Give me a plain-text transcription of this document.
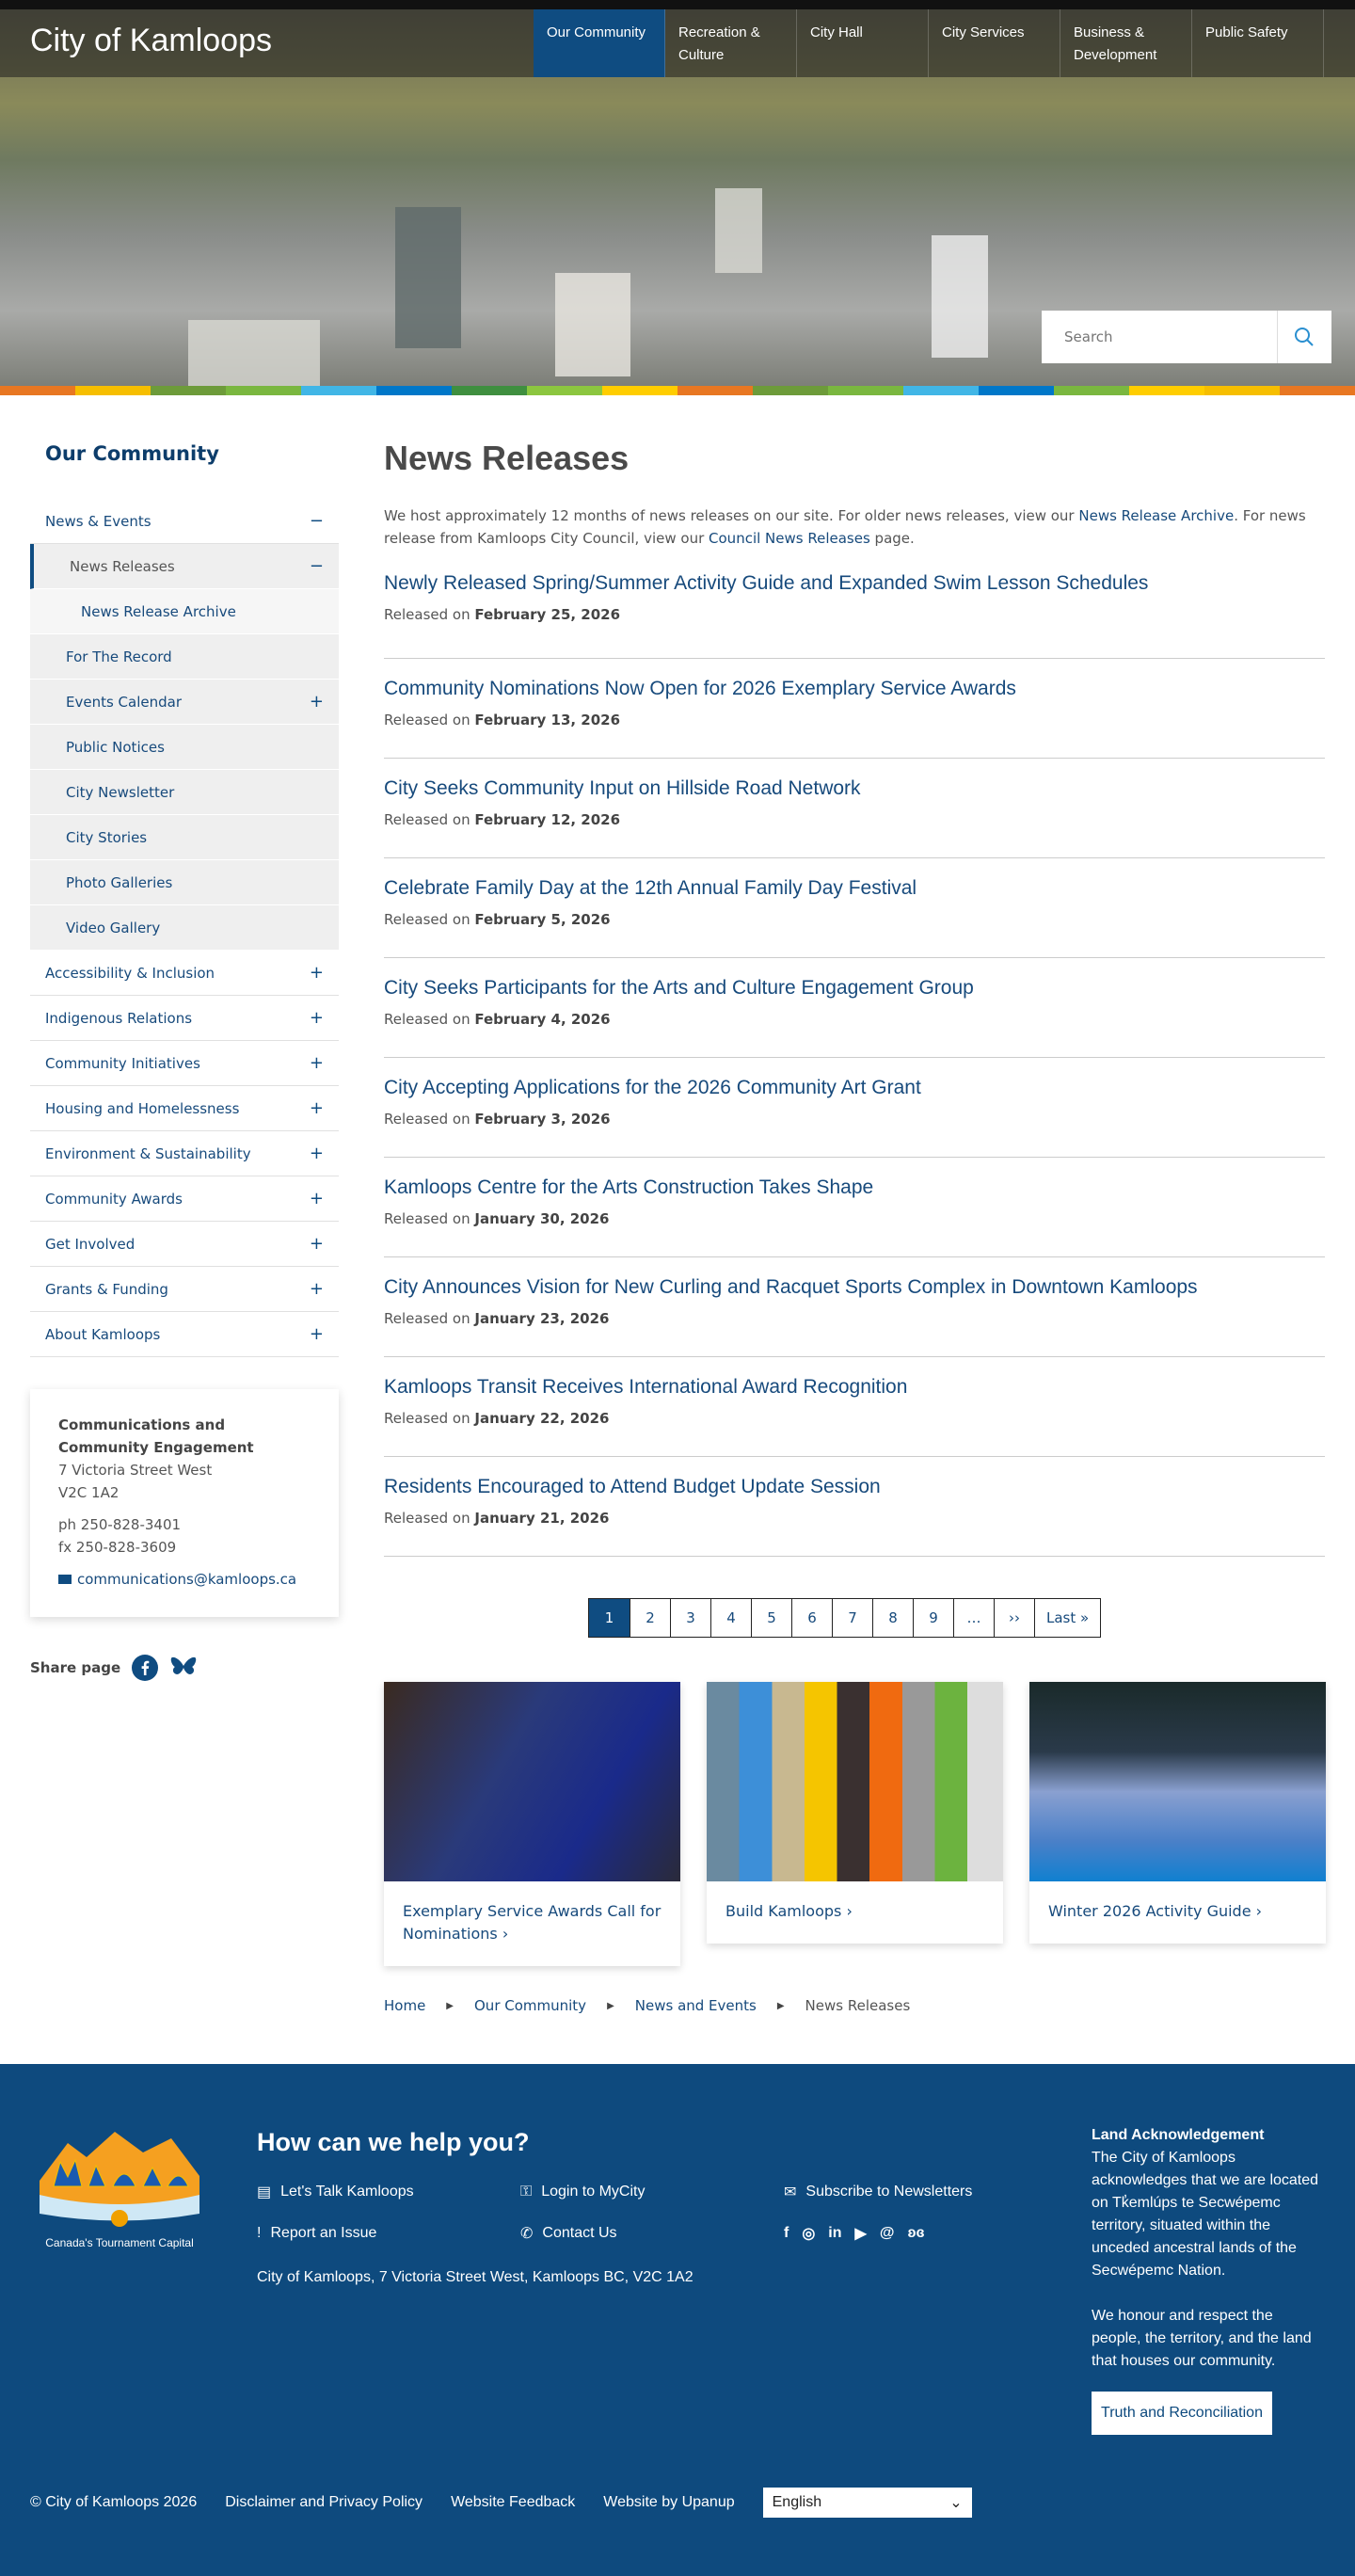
City of Kamloops	Our Community	Recreation & Culture
City Hall	City Services	Business & Development
Public Safety
Search
Our Community
News & Events	−
News Releases	−
News Release Archive
For The Record
Events Calendar	+
Public Notices
City Newsletter
City Stories
Photo Galleries
Video Gallery
Accessibility & Inclusion	+
Indigenous Relations	+
Community Initiatives	+
Housing and Homelessness	+
Environment & Sustainability	+
Community Awards	+
Get Involved	+
Grants & Funding	+
About Kamloops	+
Communications and
Community Engagement
7 Victoria Street West
V2C 1A2
ph 250-828-3401
fx 250-828-3609
communications@kamloops.ca
Share page
News Releases

We host approximately 12 months of news releases on our site. For older news releases, view our News Release Archive. For news release from Kamloops City Council, view our Council News Releases page.

Newly Released Spring/Summer Activity Guide and Expanded Swim Lesson Schedules
Released on February 25, 2026
Community Nominations Now Open for 2026 Exemplary Service Awards
Released on February 13, 2026
City Seeks Community Input on Hillside Road Network
Released on February 12, 2026
Celebrate Family Day at the 12th Annual Family Day Festival
Released on February 5, 2026
City Seeks Participants for the Arts and Culture Engagement Group
Released on February 4, 2026
City Accepting Applications for the 2026 Community Art Grant
Released on February 3, 2026
Kamloops Centre for the Arts Construction Takes Shape
Released on January 30, 2026
City Announces Vision for New Curling and Racquet Sports Complex in Downtown Kamloops
Released on January 23, 2026
Kamloops Transit Receives International Award Recognition
Released on January 22, 2026
Residents Encouraged to Attend Budget Update Session
Released on January 21, 2026
1	2	3	4	5	6	7	8	9	…	››	Last »
Exemplary Service Awards Call for Nominations ›
Build Kamloops ›	Winter 2026 Activity Guide ›
Home ▶ Our Community ▶ News and Events ▶ News Releases
Canada's Tournament Capital
How can we help you?
▤ Let's Talk Kamloops	⚿ Login to MyCity	✉ Subscribe to Newsletters
! Report an Issue	✆ Contact Us	f ◎ in ▶ @ ʚɞ
City of Kamloops, 7 Victoria Street West, Kamloops BC, V2C 1A2
Land Acknowledgement

The City of Kamloops acknowledges that we are located on Tk̓emlúps te Secwépemc territory, situated within the unceded ancestral lands of the Secwépemc Nation.

We honour and respect the people, the territory, and the land that houses our community.

Truth and Reconciliation
© City of Kamloops 2026 Disclaimer and Privacy Policy Website Feedback Website by Upanup	English	⌄
